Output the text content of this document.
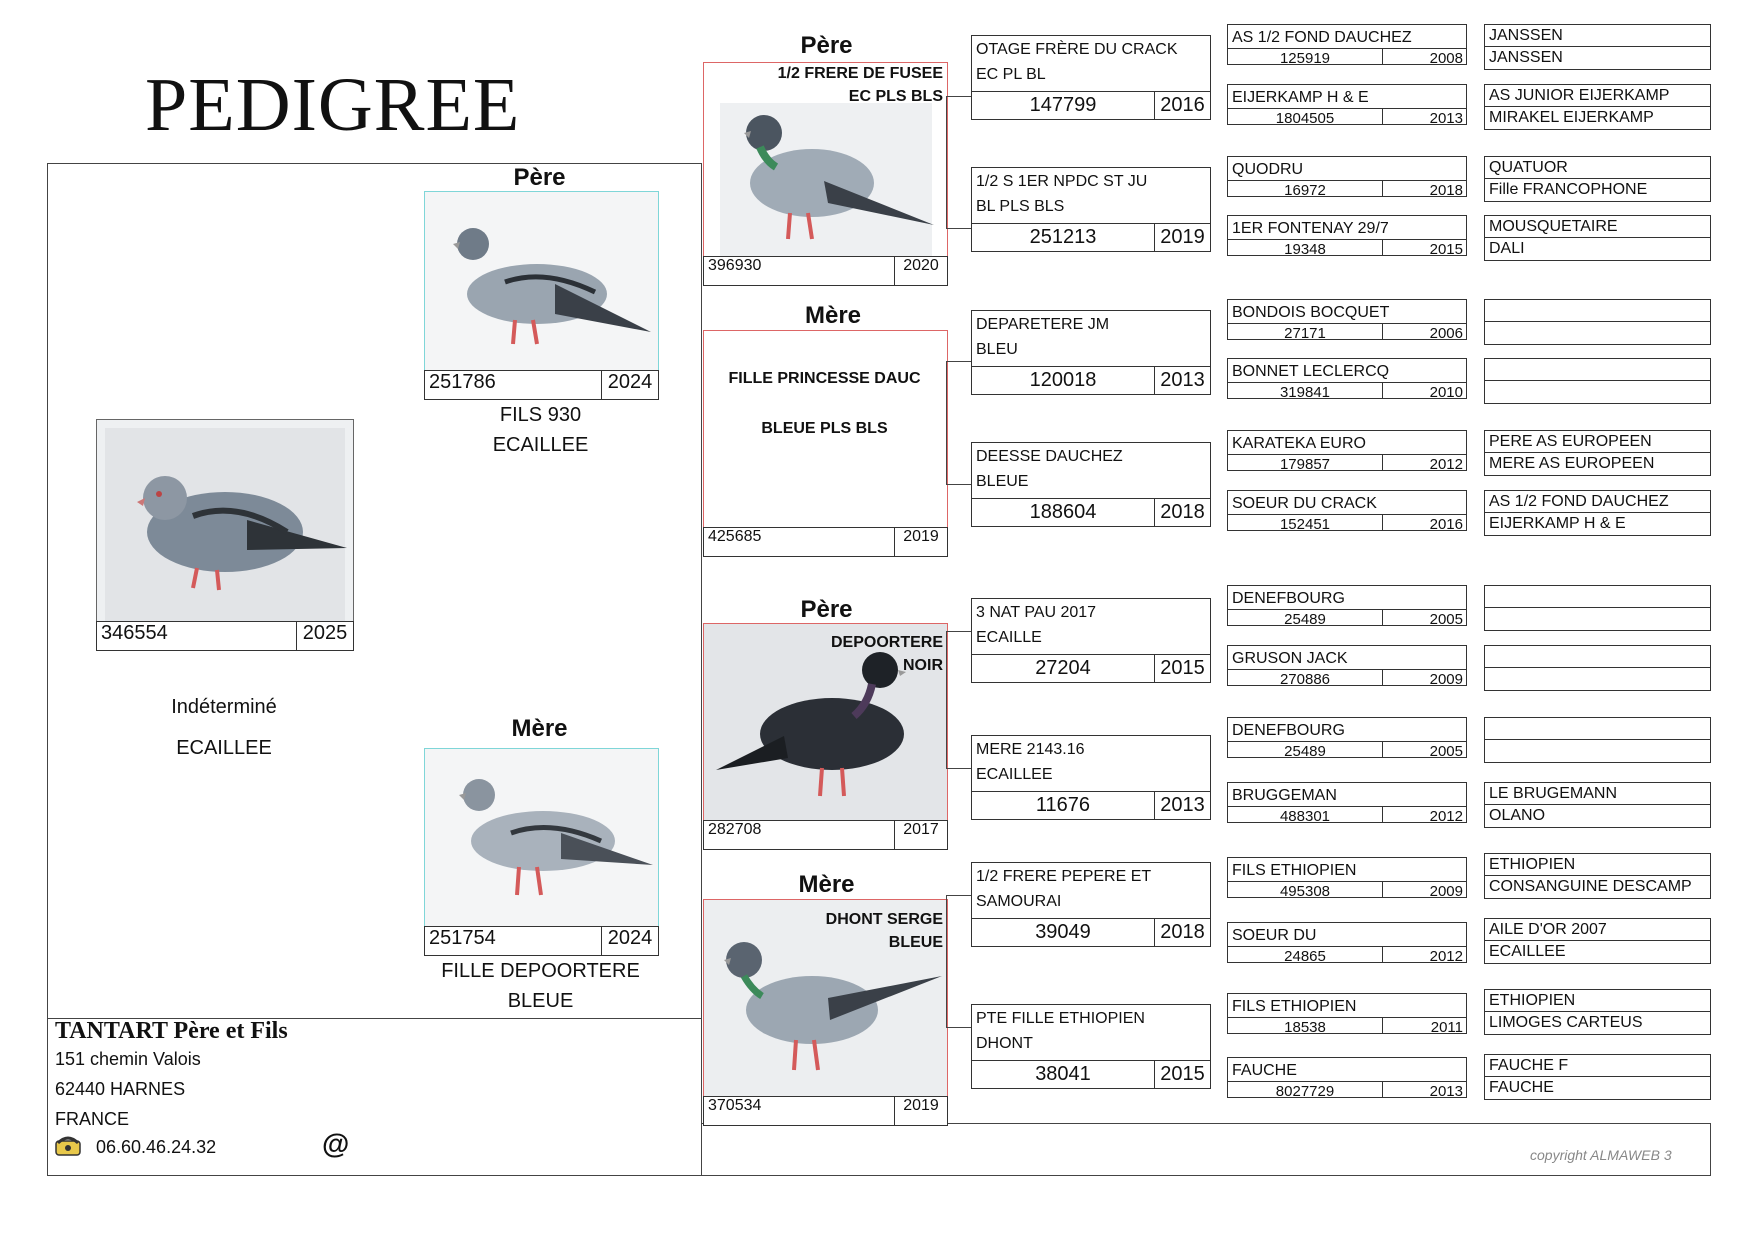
PEDIGREE
346554	2025
Indéterminé
ECAILLEE
Père
251786	2024
FILS 930
ECAILLEE
Mère
251754	2024
FILLE DEPOORTERE
BLEUE
Père
1/2 FRERE DE FUSEE
EC PLS BLS
396930	2020
Mère
FILLE PRINCESSE DAUC
BLEUE PLS BLS
425685	2019
Père
DEPOORTERE
NOIR
282708	2017
Mère
DHONT SERGE
BLEUE
370534	2019
OTAGE FRÈRE DU CRACK
EC PL BL
147799	2016
1/2 S 1ER NPDC ST JU
BL PLS BLS
251213	2019
DEPARETERE JM
BLEU
120018	2013
DEESSE DAUCHEZ
BLEUE
188604	2018
3 NAT PAU 2017
ECAILLE
27204	2015
MERE 2143.16
ECAILLEE
11676	2013
1/2 FRERE PEPERE ET
SAMOURAI
39049	2018
PTE FILLE ETHIOPIEN
DHONT
38041	2015
AS 1/2 FOND DAUCHEZ
125919	2008
EIJERKAMP H & E
1804505	2013
QUODRU
16972	2018
1ER FONTENAY 29/7
19348	2015
BONDOIS BOCQUET
27171	2006
BONNET LECLERCQ
319841	2010
KARATEKA EURO
179857	2012
SOEUR DU CRACK
152451	2016
DENEFBOURG
25489	2005
GRUSON JACK
270886	2009
DENEFBOURG
25489	2005
BRUGGEMAN
488301	2012
FILS ETHIOPIEN
495308	2009
SOEUR DU
24865	2012
FILS ETHIOPIEN
18538	2011
FAUCHE
8027729	2013
JANSSEN
JANSSEN
AS JUNIOR EIJERKAMP
MIRAKEL EIJERKAMP
QUATUOR
Fille FRANCOPHONE
MOUSQUETAIRE
DALI
PERE AS EUROPEEN
MERE AS EUROPEEN
AS 1/2 FOND DAUCHEZ
EIJERKAMP H & E
LE BRUGEMANN
OLANO
ETHIOPIEN
CONSANGUINE DESCAMP
AILE D'OR 2007
ECAILLEE
ETHIOPIEN
LIMOGES CARTEUS
FAUCHE F
FAUCHE
TANTART Père et Fils
151 chemin Valois
62440 HARNES
FRANCE
06.60.46.24.32	@	copyright ALMAWEB 3
